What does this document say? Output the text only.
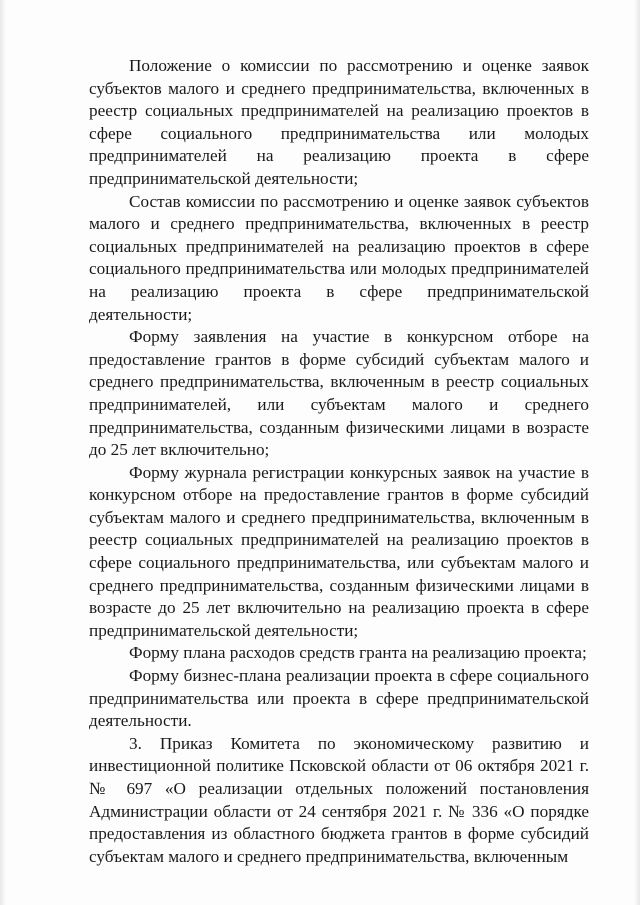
Положение о комиссии по рассмотрению и оценке заявок субъектов малого и среднего предпринимательства, включенных в реестр социальных предпринимателей на реализацию проектов в сфере социального предпринимательства или молодых предпринимателей на реализацию проекта в сфере предпринимательской деятельности;

Состав комиссии по рассмотрению и оценке заявок субъектов малого и среднего предпринимательства, включенных в реестр социальных предпринимателей на реализацию проектов в сфере социального предпринимательства или молодых предпринимателей на реализацию проекта в сфере предпринимательской деятельности;

Форму заявления на участие в конкурсном отборе на предоставление грантов в форме субсидий субъектам малого и среднего предпринимательства, включенным в реестр социальных предпринимателей, или субъектам малого и среднего предпринимательства, созданным физическими лицами в возрасте до 25 лет включительно;

Форму журнала регистрации конкурсных заявок на участие в конкурсном отборе на предоставление грантов в форме субсидий субъектам малого и среднего предпринимательства, включенным в реестр социальных предпринимателей на реализацию проектов в сфере социального предпринимательства, или субъектам малого и среднего предпринимательства, созданным физическими лицами в возрасте до 25 лет включительно на реализацию проекта в сфере предпринимательской деятельности;

Форму плана расходов средств гранта на реализацию проекта;

Форму бизнес-плана реализации проекта в сфере социального предпринимательства или проекта в сфере предпринимательской деятельности.

3. Приказ Комитета по экономическому развитию и инвестиционной политике Псковской области от 06 октября 2021 г. № 697 «О реализации отдельных положений постановления Администрации области от 24 сентября 2021 г. № 336 «О порядке предоставления из областного бюджета грантов в форме субсидий субъектам малого и среднего предпринимательства, включенным
